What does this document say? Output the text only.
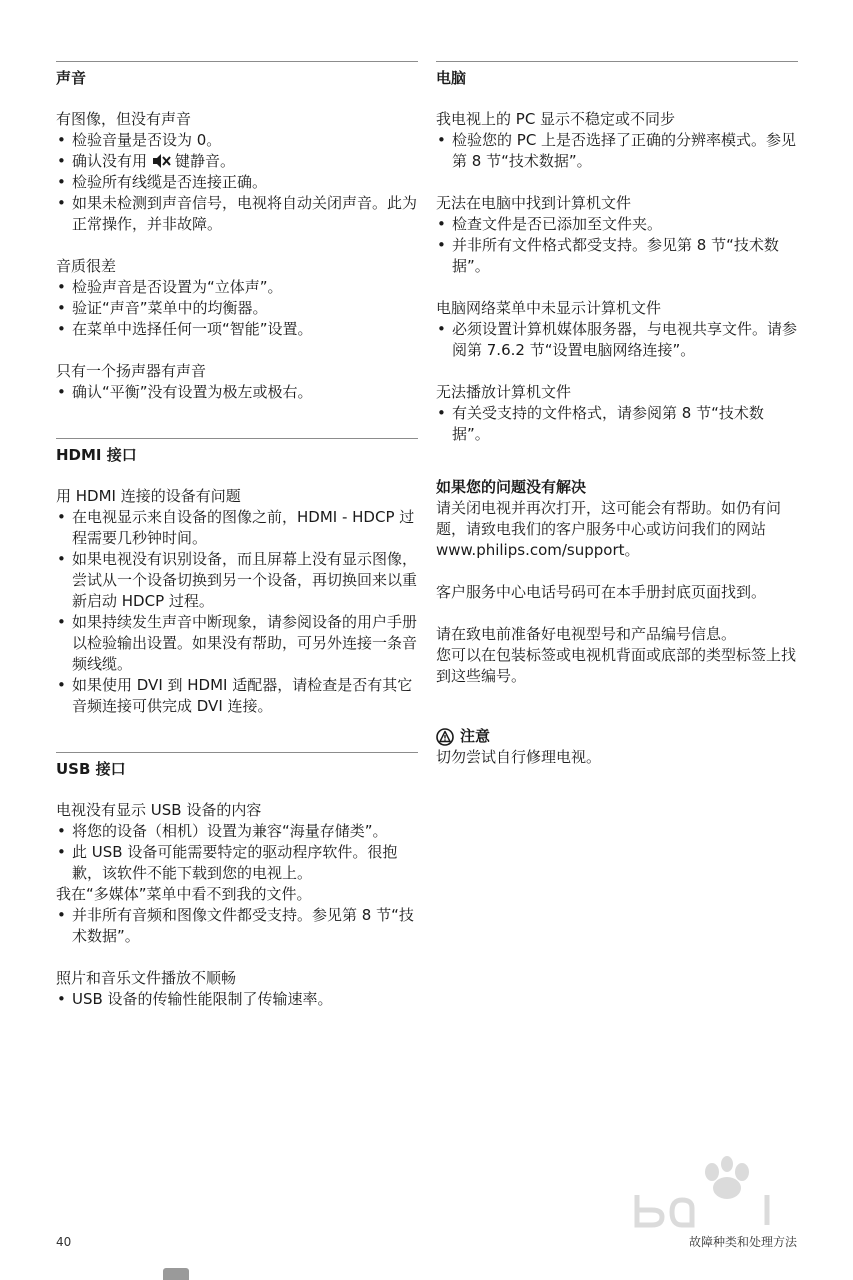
声音

有图像，但没有声音

• 检验音量是否设为 0。
• 确认没有用 键静音。
• 检验所有线缆是否连接正确。
• 如果未检测到声音信号，电视将自动关闭声音。此为正常操作，并非故障。

音质很差

• 检验声音是否设置为“立体声”。
• 验证“声音”菜单中的均衡器。
• 在菜单中选择任何一项“智能”设置。

只有一个扬声器有声音

• 确认“平衡”没有设置为极左或极右。
HDMI 接口

用 HDMI 连接的设备有问题

• 在电视显示来自设备的图像之前，HDMI - HDCP 过程需要几秒钟时间。
• 如果电视没有识别设备，而且屏幕上没有显示图像，尝试从一个设备切换到另一个设备，再切换回来以重新启动 HDCP 过程。
• 如果持续发生声音中断现象，请参阅设备的用户手册以检验输出设置。如果没有帮助，可另外连接一条音频线缆。
• 如果使用 DVI 到 HDMI 适配器，请检查是否有其它音频连接可供完成 DVI 连接。
USB 接口

电视没有显示 USB 设备的内容

• 将您的设备（相机）设置为兼容“海量存储类”。
• 此 USB 设备可能需要特定的驱动程序软件。很抱歉，该软件不能下载到您的电视上。

我在“多媒体”菜单中看不到我的文件。

• 并非所有音频和图像文件都受支持。参见第 8 节“技术数据”。

照片和音乐文件播放不顺畅

• USB 设备的传输性能限制了传输速率。
电脑

我电视上的 PC 显示不稳定或不同步

• 检验您的 PC 上是否选择了正确的分辨率模式。参见第 8 节“技术数据”。

无法在电脑中找到计算机文件

• 检查文件是否已添加至文件夹。
• 并非所有文件格式都受支持。参见第 8 节“技术数据”。

电脑网络菜单中未显示计算机文件

• 必须设置计算机媒体服务器，与电视共享文件。请参阅第 7.6.2 节“设置电脑网络连接”。

无法播放计算机文件

• 有关受支持的文件格式，请参阅第 8 节“技术数据”。

如果您的问题没有解决

请关闭电视并再次打开，这可能会有帮助。如仍有问题，请致电我们的客户服务中心或访问我们的网站 www.philips.com/support。

客户服务中心电话号码可在本手册封底页面找到。

请在致电前准备好电视型号和产品编号信息。

您可以在包装标签或电视机背面或底部的类型标签上找到这些编号。

注意
切勿尝试自行修理电视。
40	故障种类和处理方法
